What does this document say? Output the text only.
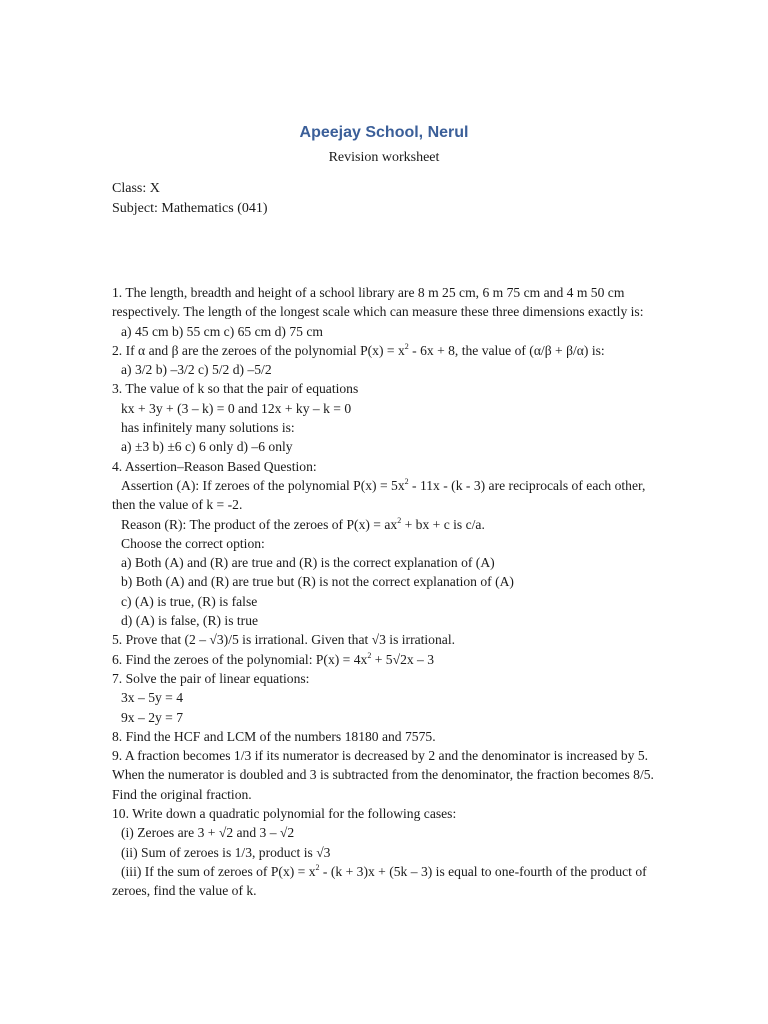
Apeejay School, Nerul
Revision worksheet
Class: X
Subject: Mathematics (041)
1. The length, breadth and height of a school library are 8 m 25 cm, 6 m 75 cm and 4 m 50 cm respectively. The length of the longest scale which can measure these three dimensions exactly is:
a) 45 cm b) 55 cm c) 65 cm d) 75 cm
2. If α and β are the zeroes of the polynomial $P(x) = x^2 - 6x + 8$, the value of (α/β + β/α) is:
a) 3/2 b) –3/2 c) 5/2 d) –5/2
3. The value of k so that the pair of equations
kx + 3y + (3 – k) = 0 and 12x + ky – k = 0
has infinitely many solutions is:
a) ±3 b) ±6 c) 6 only d) –6 only
4. Assertion–Reason Based Question:
Assertion (A): If zeroes of the polynomial $P(x) = 5x^2 - 11x - (k - 3)$ are reciprocals of each other, then the value of k = -2.
Reason (R): The product of the zeroes of $P(x) = ax^2$ + bx + c is c/a.
Choose the correct option:
a) Both (A) and (R) are true and (R) is the correct explanation of (A)
b) Both (A) and (R) are true but (R) is not the correct explanation of (A)
c) (A) is true, (R) is false
d) (A) is false, (R) is true
5. Prove that (2 – √3)/5 is irrational. Given that √3 is irrational.
6. Find the zeroes of the polynomial: $P(x) = 4x^2 + 5√2x - 3$
7. Solve the pair of linear equations:
3x – 5y = 4
9x – 2y = 7
8. Find the HCF and LCM of the numbers 18180 and 7575.
9. A fraction becomes 1/3 if its numerator is decreased by 2 and the denominator is increased by 5. When the numerator is doubled and 3 is subtracted from the denominator, the fraction becomes 8/5. Find the original fraction.
10. Write down a quadratic polynomial for the following cases:
(i) Zeroes are 3 + √2 and 3 – √2
(ii) Sum of zeroes is 1/3, product is √3
(iii) If the sum of zeroes of $P(x) = x^2 - (k + 3)x + (5k - 3)$ is equal to one-fourth of the product of zeroes, find the value of k.
